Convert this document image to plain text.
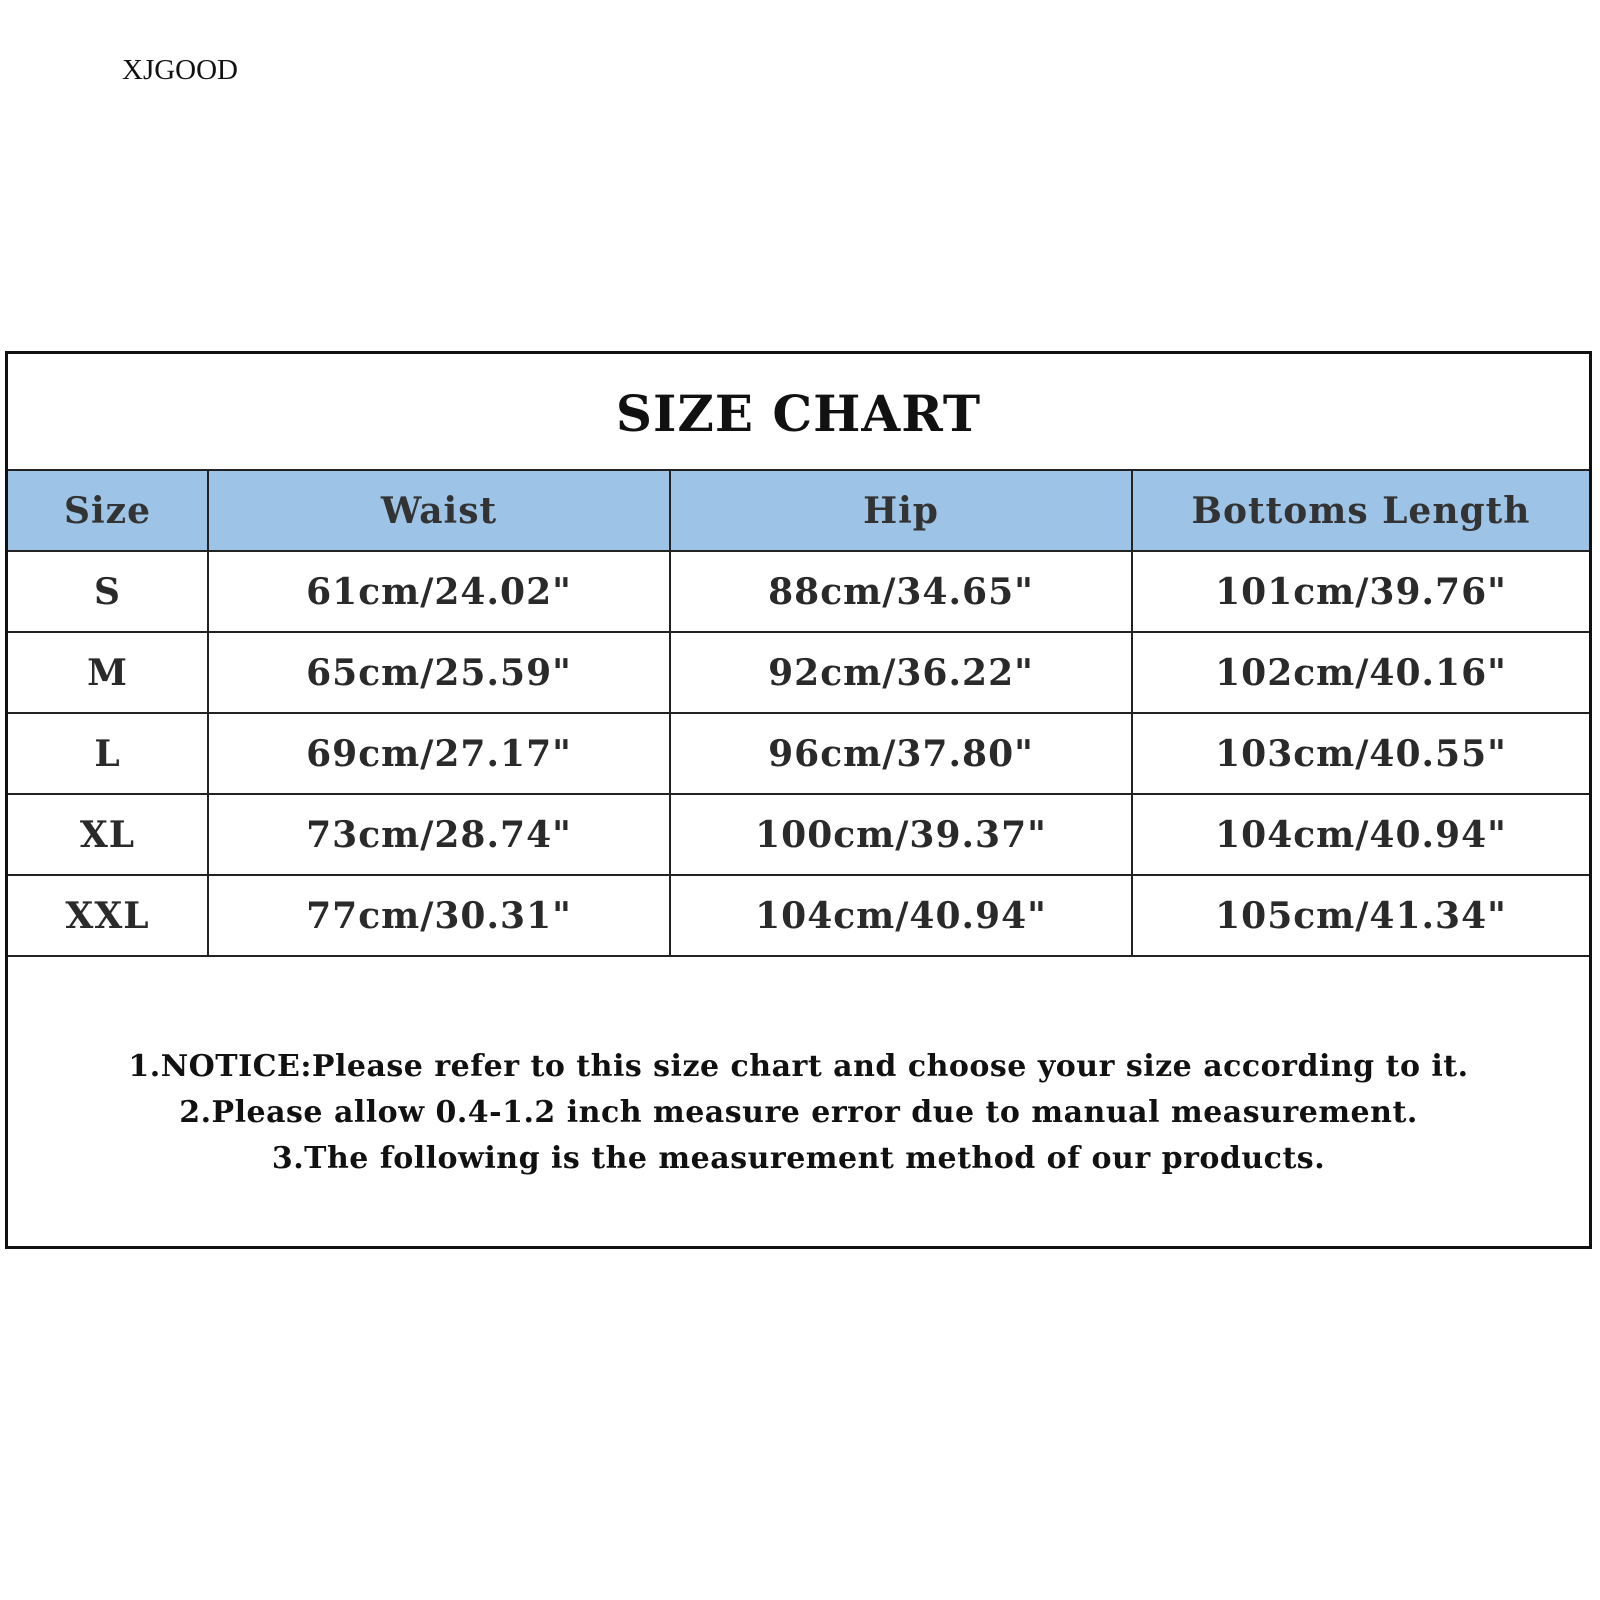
XJGOOD
SIZE CHART
Size	Waist	Hip	Bottoms Length
S	61cm/24.02"	88cm/34.65"	101cm/39.76"
M	65cm/25.59"	92cm/36.22"	102cm/40.16"
L	69cm/27.17"	96cm/37.80"	103cm/40.55"
XL	73cm/28.74"	100cm/39.37"	104cm/40.94"
XXL	77cm/30.31"	104cm/40.94"	105cm/41.34"
1.NOTICE:Please refer to this size chart and choose your size according to it.
2.Please allow 0.4-1.2 inch measure error due to manual measurement.
3.The following is the measurement method of our products.
